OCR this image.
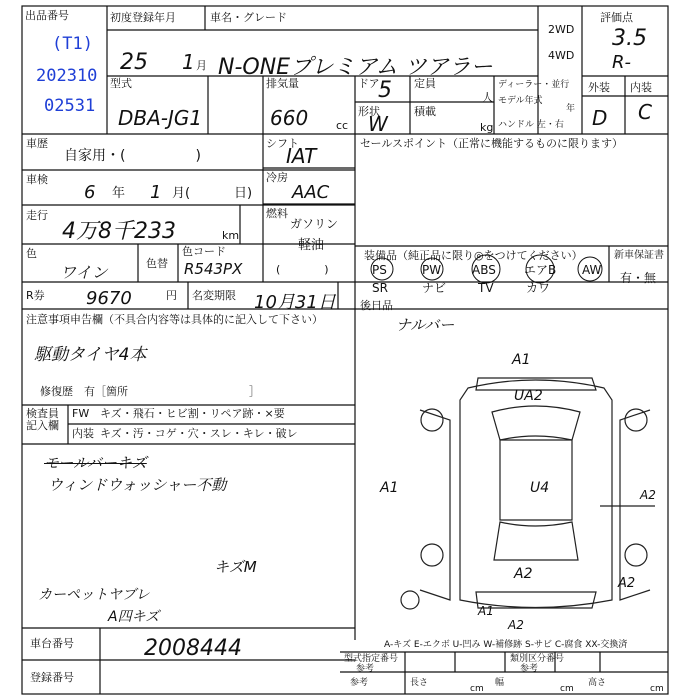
出品番号
(T1)
202310
02531
初度登録年月
25 1 月
車名・グレード
N-ONEプレミアム ツアラー
2WD
4WD
評価点
3.5
R-
型式
DBA-JG1
排気量
660	cc
ドア
5 定員
人
形状
W
積載
kg
ディーラー・並行
モデル年式
年
ハンドル 左・右
外装 内装
D C
車歴
自家用・(　　　　　)
シフト
IAT
車検
6 年 1 月(	日)
冷房
AAC
走行
4万8千233	km
燃料
ガソリン
軽油
(　　　　)
色
ワイン	色替
色コード
R543PX
R券 9670	円 名変期限 10月31日
セールスポイント（正常に機能するものに限ります）
装備品（純正品に限り◎をつけてください）
PS	PW	ABS エアB AW
SR	ナビ	TV	カワ
新車保証書
有・無
注意事項申告欄（不具合内容等は具体的に記入して下さい）
駆動タイヤ4本
修復歴　有［箇所　　　　　　　　　　　］
後日品
ナルバー
検査員記入欄
FW キズ・飛石・ヒビ割・リペア跡・×要
内装 キズ・汚・コゲ・穴・スレ・キレ・破レ
モールバーキズ
ウィンドウォッシャー不動
キズM
カーペットヤブレ
A四キズ
A1
UA2
A1	U4	A2
A2
A2
A1
A2
A-キズ E-エクボ U-凹み W-補修跡 S-サビ C-腐食 XX-交換済
車台番号	2008444
登録番号
型式指定番号
参考
類別区分番号
参考
参考	長さ
cm
幅
cm
高さ
cm
